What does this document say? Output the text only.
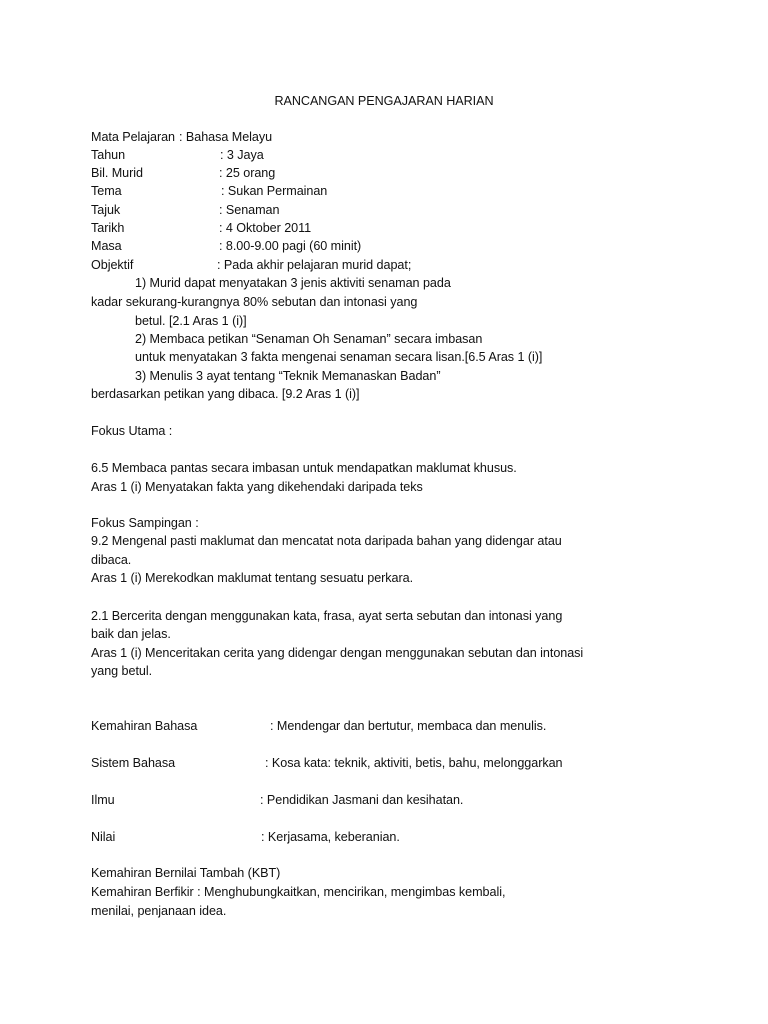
RANCANGAN PENGAJARAN HARIAN
Mata Pelajaran : Bahasa Melayu
Tahun	: 3 Jaya
Bil. Murid	: 25 orang
Tema	: Sukan Permainan
Tajuk	: Senaman
Tarikh	: 4 Oktober 2011
Masa	: 8.00-9.00 pagi (60 minit)
Objektif	: Pada akhir pelajaran murid dapat;
1) Murid dapat menyatakan 3 jenis aktiviti senaman pada
kadar sekurang-kurangnya 80% sebutan dan intonasi yang
betul. [2.1 Aras 1 (i)]
2) Membaca petikan “Senaman Oh Senaman” secara imbasan
untuk menyatakan 3 fakta mengenai senaman secara lisan.[6.5 Aras 1 (i)]
3) Menulis 3 ayat tentang “Teknik Memanaskan Badan”
berdasarkan petikan yang dibaca. [9.2 Aras 1 (i)]
Fokus Utama :
6.5 Membaca pantas secara imbasan untuk mendapatkan maklumat khusus.
Aras 1 (i) Menyatakan fakta yang dikehendaki daripada teks
Fokus Sampingan :
9.2 Mengenal pasti maklumat dan mencatat nota daripada bahan yang didengar atau
dibaca.
Aras 1 (i) Merekodkan maklumat tentang sesuatu perkara.
2.1 Bercerita dengan menggunakan kata, frasa, ayat serta sebutan dan intonasi yang
baik dan jelas.
Aras 1 (i) Menceritakan cerita yang didengar dengan menggunakan sebutan dan intonasi
yang betul.
Kemahiran Bahasa	: Mendengar dan bertutur, membaca dan menulis.
Sistem Bahasa	: Kosa kata: teknik, aktiviti, betis, bahu, melonggarkan
Ilmu	: Pendidikan Jasmani dan kesihatan.
Nilai	: Kerjasama, keberanian.
Kemahiran Bernilai Tambah (KBT)
Kemahiran Berfikir : Menghubungkaitkan, mencirikan, mengimbas kembali,
menilai, penjanaan idea.
